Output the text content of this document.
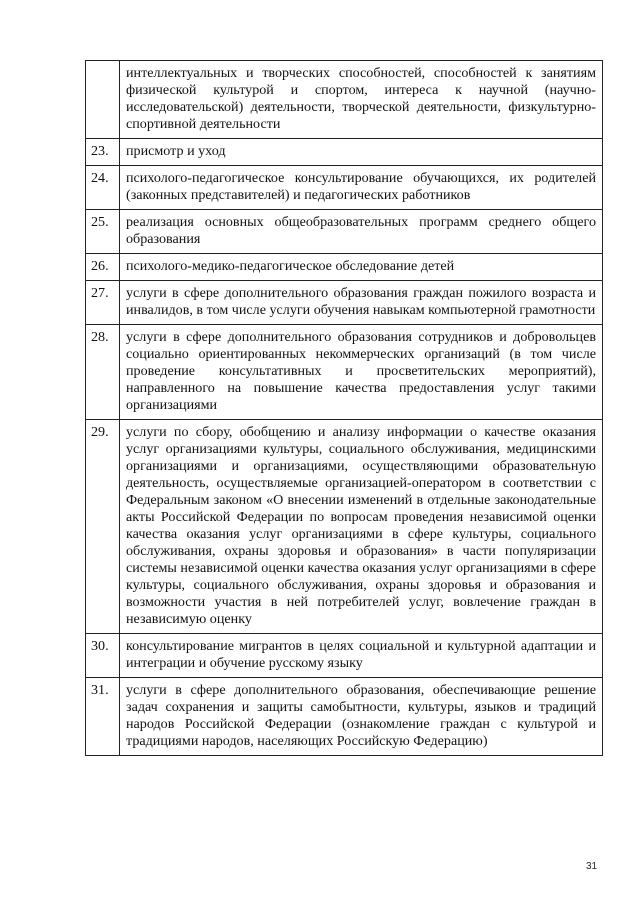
	интеллектуальных и творческих способностей, способностей к занятиям физической культурой и спортом, интереса к научной (научно-исследовательской) деятельности, творческой деятельности, физкультурно-спортивной деятельности
23.	присмотр и уход
24.	психолого-педагогическое консультирование обучающихся, их родителей (законных представителей) и педагогических работников
25.	реализация основных общеобразовательных программ среднего общего образования
26.	психолого-медико-педагогическое обследование детей
27.	услуги в сфере дополнительного образования граждан пожилого возраста и инвалидов, в том числе услуги обучения навыкам компьютерной грамотности
28.	услуги в сфере дополнительного образования сотрудников и добровольцев социально ориентированных некоммерческих организаций (в том числе проведение консультативных и просветительских мероприятий), направленного на повышение качества предоставления услуг такими организациями
29.	услуги по сбору, обобщению и анализу информации о качестве оказания услуг организациями культуры, социального обслуживания, медицинскими организациями и организациями, осуществляющими образовательную деятельность, осуществляемые организацией-оператором в соответствии с Федеральным законом «О внесении изменений в отдельные законодательные акты Российской Федерации по вопросам проведения независимой оценки качества оказания услуг организациями в сфере культуры, социального обслуживания, охраны здоровья и образования» в части популяризации системы независимой оценки качества оказания услуг организациями в сфере культуры, социального обслуживания, охраны здоровья и образования и возможности участия в ней потребителей услуг, вовлечение граждан в независимую оценку
30.	консультирование мигрантов в целях социальной и культурной адаптации и интеграции и обучение русскому языку
31.	услуги в сфере дополнительного образования, обеспечивающие решение задач сохранения и защиты самобытности, культуры, языков и традиций народов Российской Федерации (ознакомление граждан с культурой и традициями народов, населяющих Российскую Федерацию)
31
